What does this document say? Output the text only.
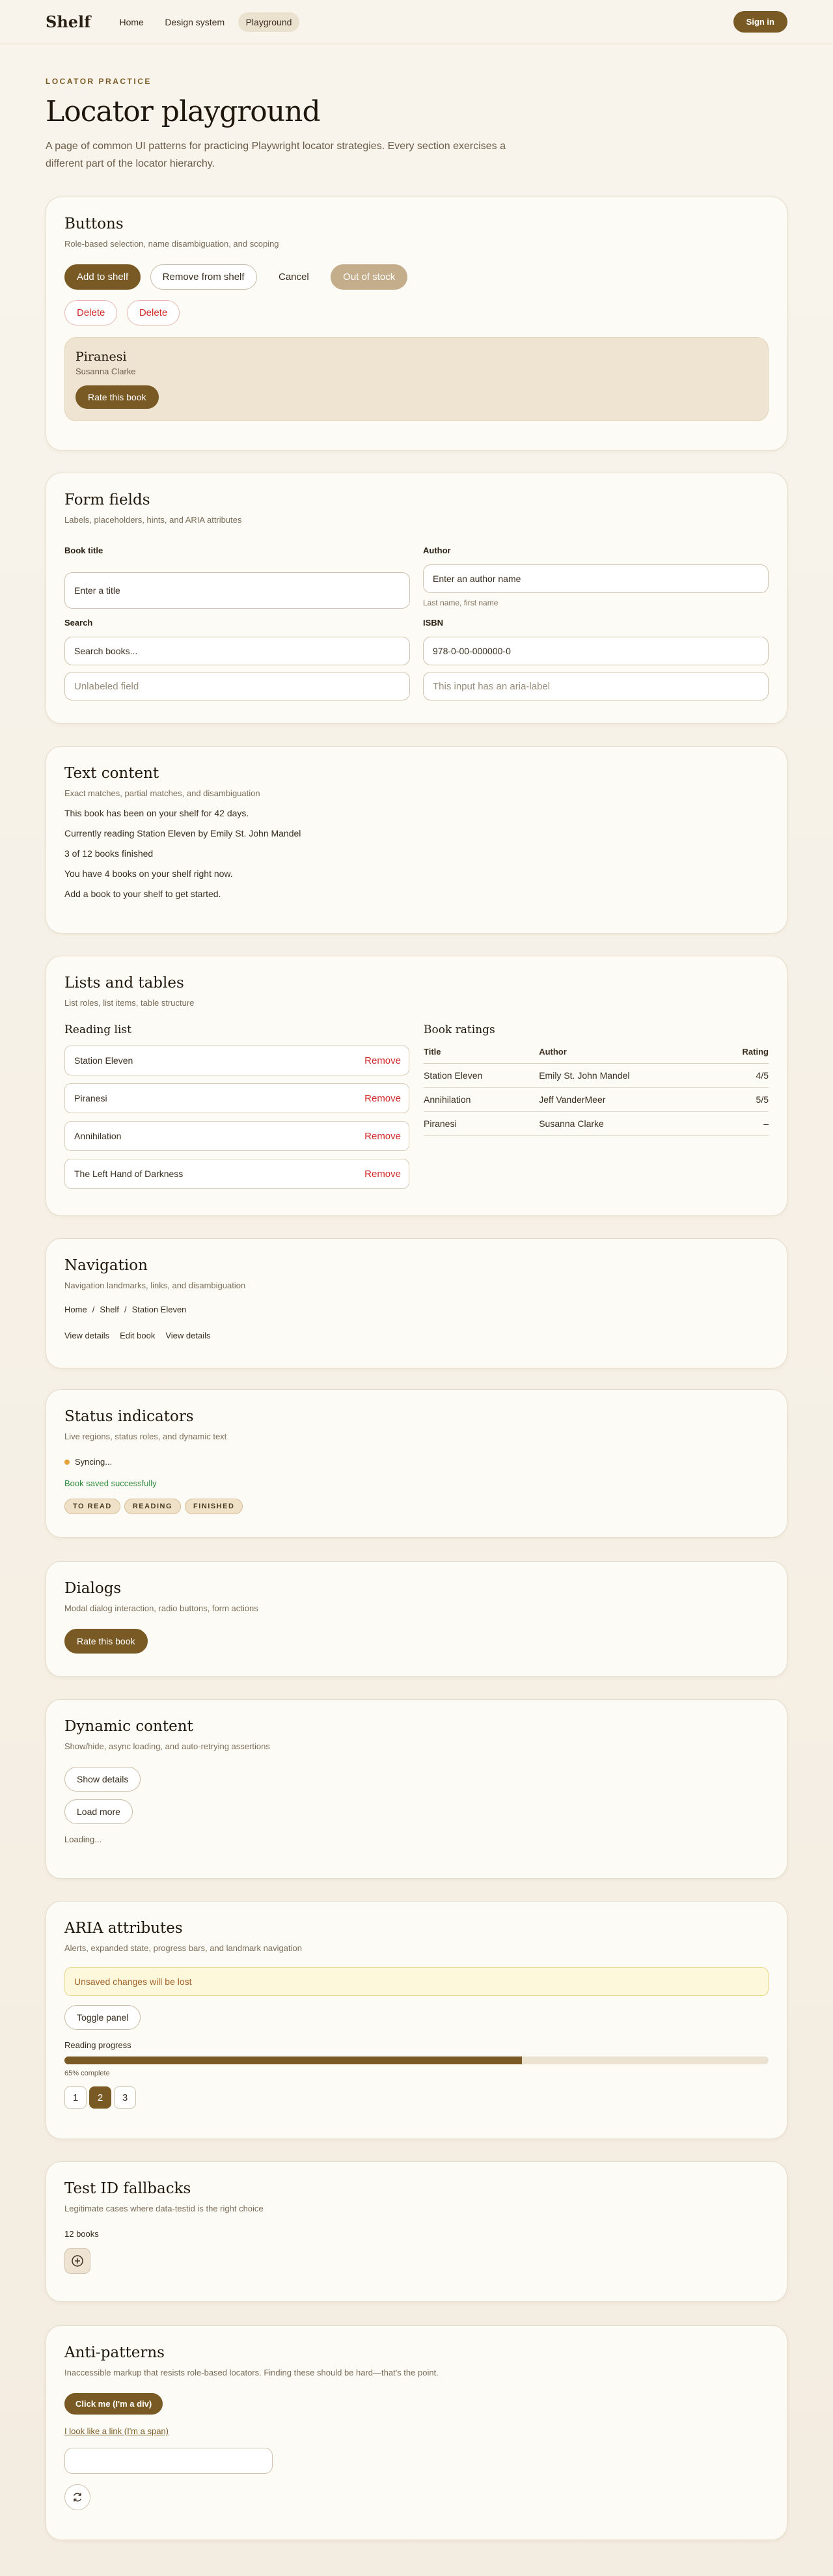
Shelf	Home Design system Playground	Sign in
LOCATOR PRACTICE
Locator playground

A page of common UI patterns for practicing Playwright locator strategies. Every section exercises a different part of the locator hierarchy.

Buttons
Role-based selection, name disambiguation, and scoping
Add to shelf	Remove from shelf	Cancel	Out of stock
Delete	Delete
Piranesi
Susanna Clarke
Rate this book
Form fields
Labels, placeholders, hints, and ARIA attributes
Book title
Enter a title
Author
Enter an author name
Last name, first name
Search
Search books...
ISBN
978-0-00-000000-0
Unlabeled field	This input has an aria-label
Text content
Exact matches, partial matches, and disambiguation

This book has been on your shelf for 42 days.

Currently reading Station Eleven by Emily St. John Mandel

3 of 12 books finished

You have 4 books on your shelf right now.

Add a book to your shelf to get started.

Lists and tables
List roles, list items, table structure
Reading list
Station Eleven	Remove
Piranesi	Remove
Annihilation	Remove
The Left Hand of Darkness	Remove
Book ratings
Title	Author	Rating
Station Eleven	Emily St. John Mandel	4/5
Annihilation	Jeff VanderMeer	5/5
Piranesi	Susanna Clarke	–
Navigation
Navigation landmarks, links, and disambiguation
Home / Shelf / Station Eleven
View details Edit book View details
Status indicators
Live regions, status roles, and dynamic text
Syncing...
Book saved successfully
TO READ	READING	FINISHED
Dialogs
Modal dialog interaction, radio buttons, form actions
Rate this book
Dynamic content
Show/hide, async loading, and auto-retrying assertions
Show details
Load more
Loading...
ARIA attributes
Alerts, expanded state, progress bars, and landmark navigation
Unsaved changes will be lost
Toggle panel
Reading progress
65% complete
1 2 3
Test ID fallbacks
Legitimate cases where data-testid is the right choice
12 books
Anti-patterns
Inaccessible markup that resists role-based locators. Finding these should be hard—that's the point.
Click me (I'm a div)
I look like a link (I'm a span)
